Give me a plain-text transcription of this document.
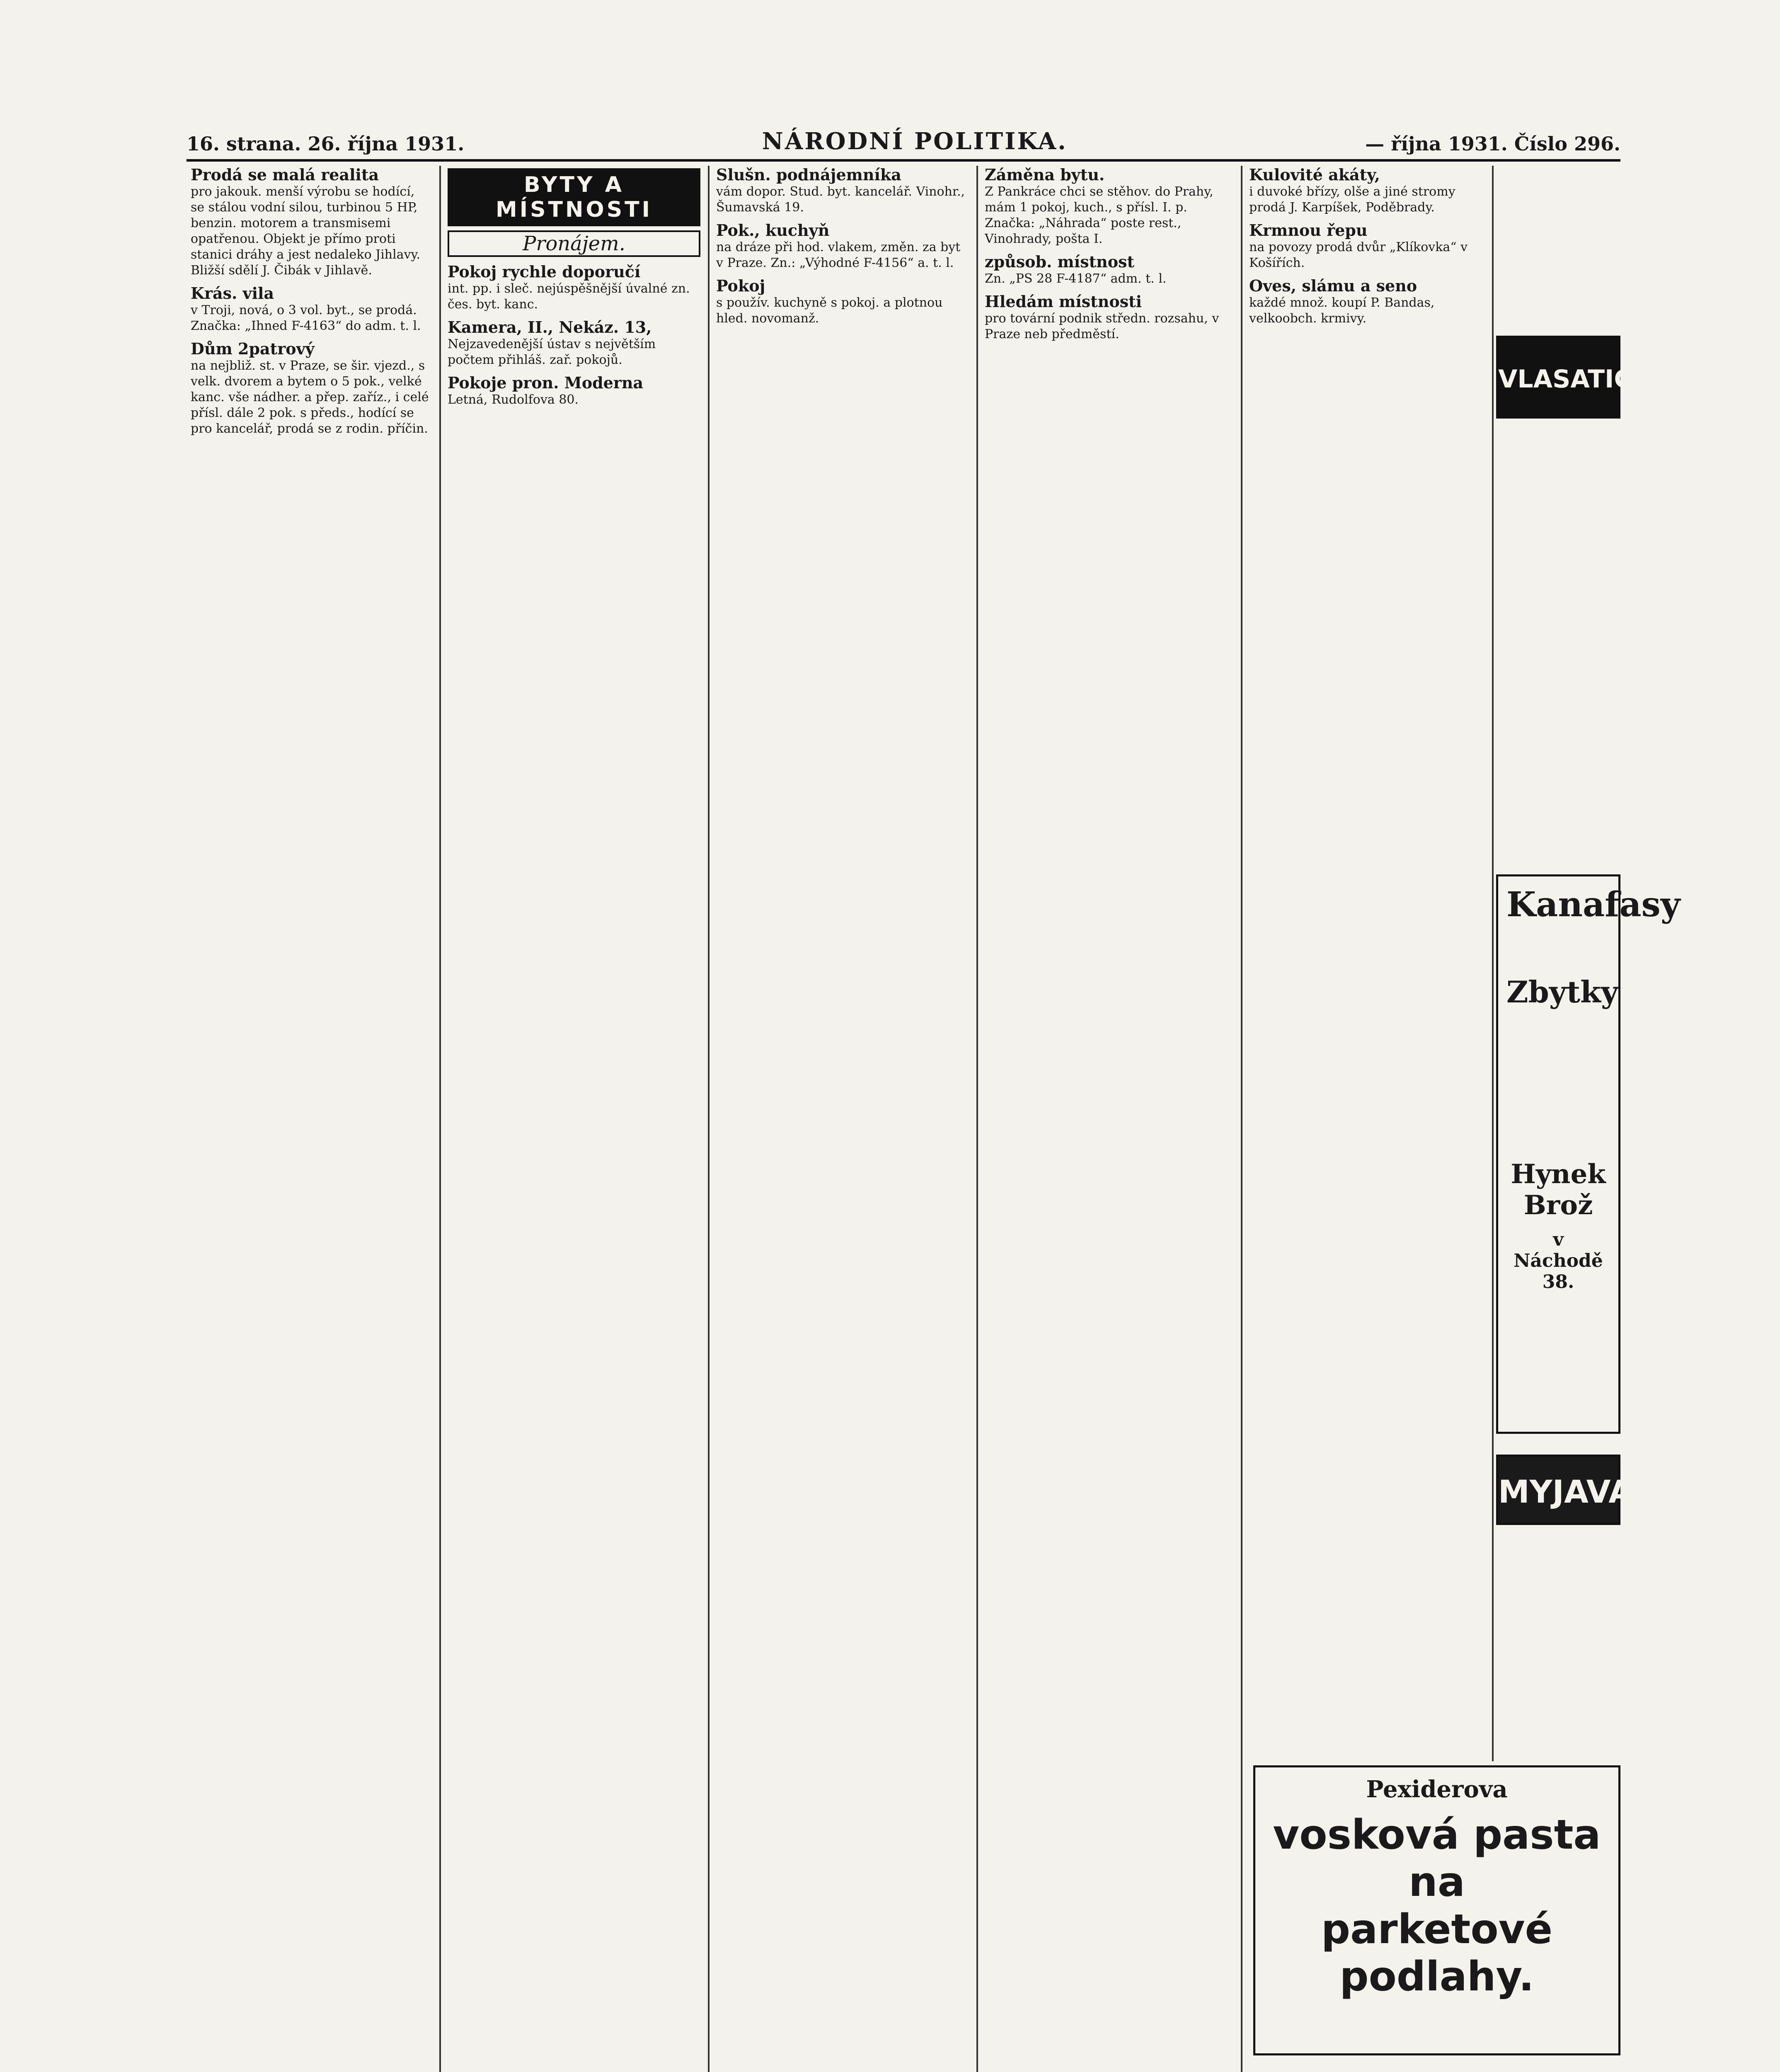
16. strana. 26. října 1931.	NÁRODNÍ POLITIKA.	— října 1931. Číslo 296.
Prodá se malá realita
pro jakouk. menší výrobu se hodící, se stálou vodní silou, turbinou 5 HP, benzin. motorem a transmisemi opatřenou. Objekt je přímo proti stanici dráhy a jest nedaleko Jihlavy. Bližší sdělí J. Čibák v Jihlavě.
Krás. vila
v Troji, nová, o 3 vol. byt., se prodá. Značka: „Ihned F-4163“ do adm. t. l.
Dům 2patrový
na nejbliž. st. v Praze, se šir. vjezd., s velk. dvorem a bytem o 5 pok., velké kanc. vše nádher. a přep. zaříz., i celé přísl. dále 2 pok. s předs., hodící se pro kancelář, prodá se z rodin. příčin.
BYTY A MÍSTNOSTI
Pronájem.
Pokoj rychle doporučí
int. pp. i sleč. nejúspěšnější úvalné zn. čes. byt. kanc.
Kamera, II., Nekáz. 13,
Nejzavedenější ústav s největším počtem přihláš. zař. pokojů.
Pokoje pron. Moderna
Letná, Rudolfova 80.
Slušn. podnájemníka
vám dopor. Stud. byt. kancelář. Vinohr., Šumavská 19.
Pok., kuchyň
na dráze při hod. vlakem, změn. za byt v Praze. Zn.: „Výhodné F-4156“ a. t. l.
Pokoj
s použív. kuchyně s pokoj. a plotnou hled. novomanž.
Záměna bytu.
Z Pankráce chci se stěhov. do Prahy, mám 1 pokoj, kuch., s přísl. I. p. Značka: „Náhrada“ poste rest., Vinohrady, pošta I.
způsob. místnost
Zn. „PS 28 F-4187“ adm. t. l.
Hledám místnosti
pro tovární podnik středn. rozsahu, v Praze neb předměstí.
Kulovité akáty,
i duvoké břízy, olše a jiné stromy prodá J. Karpíšek, Poděbrady.
Krmnou řepu
na povozy prodá dvůr „Klíkovka“ v Košířích.
Oves, slámu a seno
každé množ. koupí P. Bandas, velkoobch. krmivy.
VLASATICE
Kanafasy
Zbytky
Hynek Brož
v Náchodě 38.
MYJAVA
Pexiderova
vosková pasta na
parketové podlahy.
